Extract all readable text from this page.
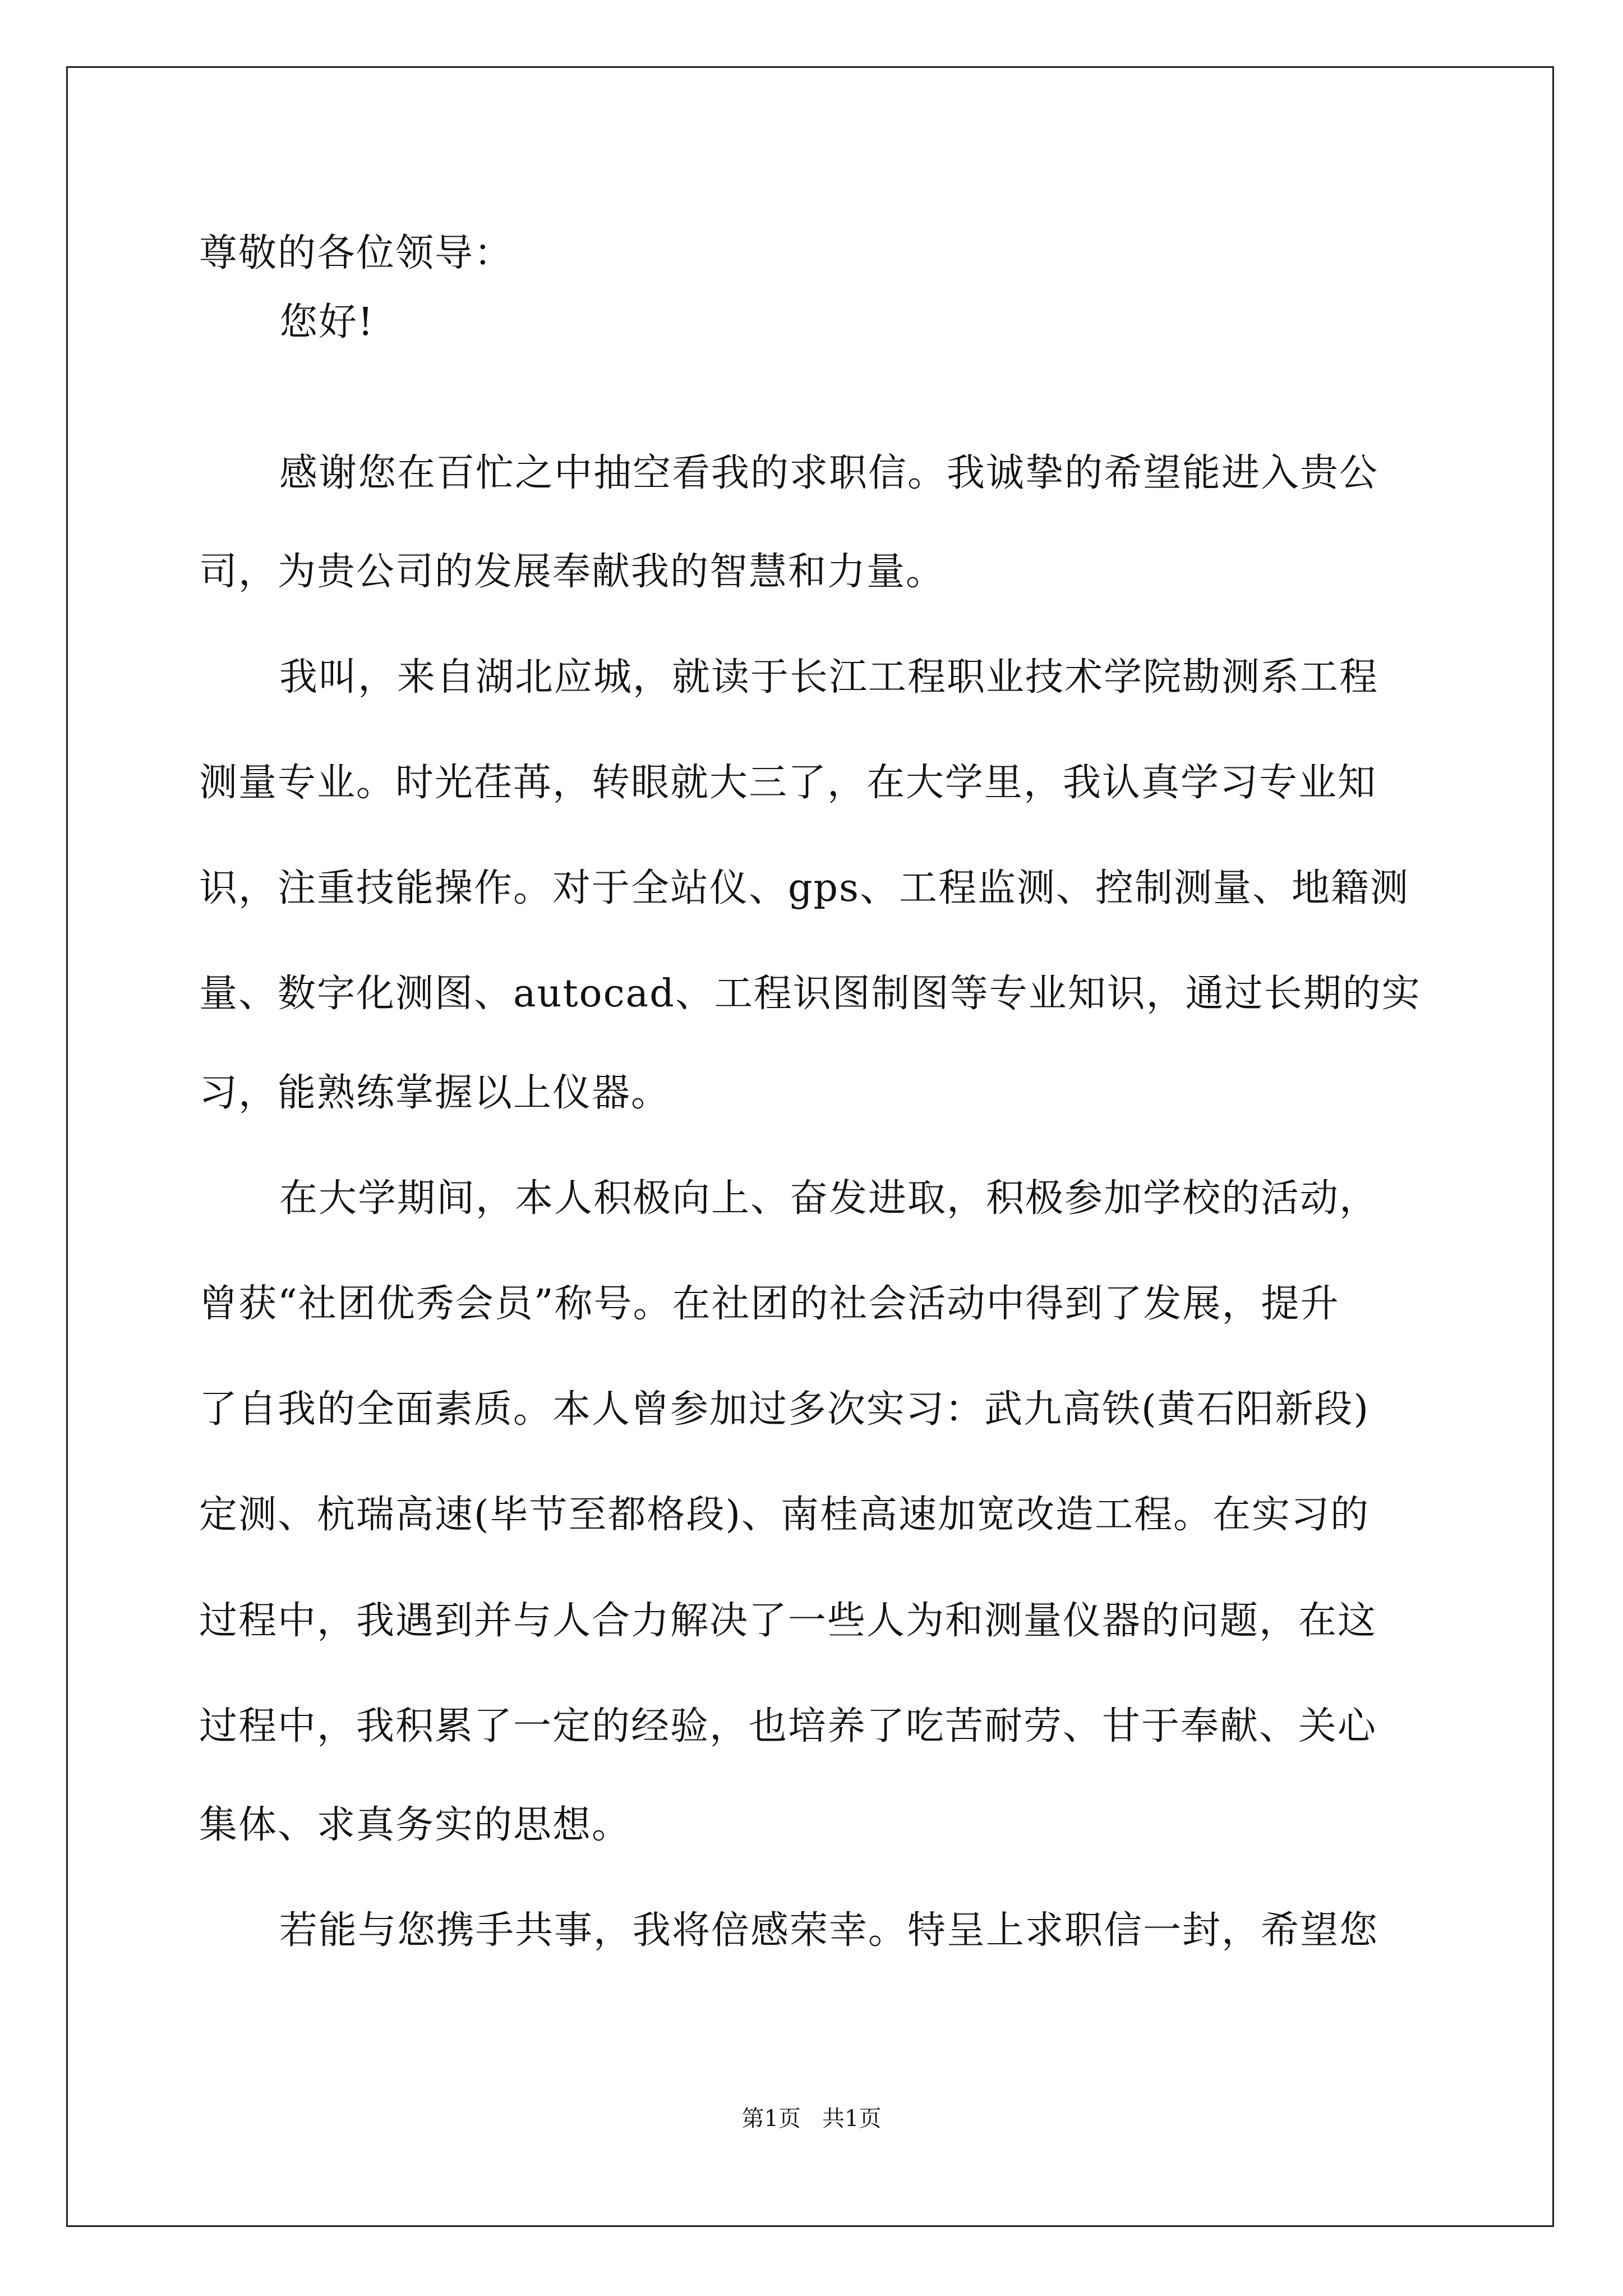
尊敬的各位领导：
您好!
感谢您在百忙之中抽空看我的求职信。我诚挚的希望能进入贵公
司，为贵公司的发展奉献我的智慧和力量。
我叫，来自湖北应城，就读于长江工程职业技术学院勘测系工程
测量专业。时光荏苒，转眼就大三了，在大学里，我认真学习专业知
识，注重技能操作。对于全站仪、gps、工程监测、控制测量、地籍测
量、数字化测图、autocad、工程识图制图等专业知识，通过长期的实
习，能熟练掌握以上仪器。
在大学期间，本人积极向上、奋发进取，积极参加学校的活动，
曾获“社团优秀会员”称号。在社团的社会活动中得到了发展，提升
了自我的全面素质。本人曾参加过多次实习：武九高铁(黄石阳新段)
定测、杭瑞高速(毕节至都格段)、南桂高速加宽改造工程。在实习的
过程中，我遇到并与人合力解决了一些人为和测量仪器的问题，在这
过程中，我积累了一定的经验，也培养了吃苦耐劳、甘于奉献、关心
集体、求真务实的思想。
若能与您携手共事，我将倍感荣幸。特呈上求职信一封，希望您
第1页   共1页
